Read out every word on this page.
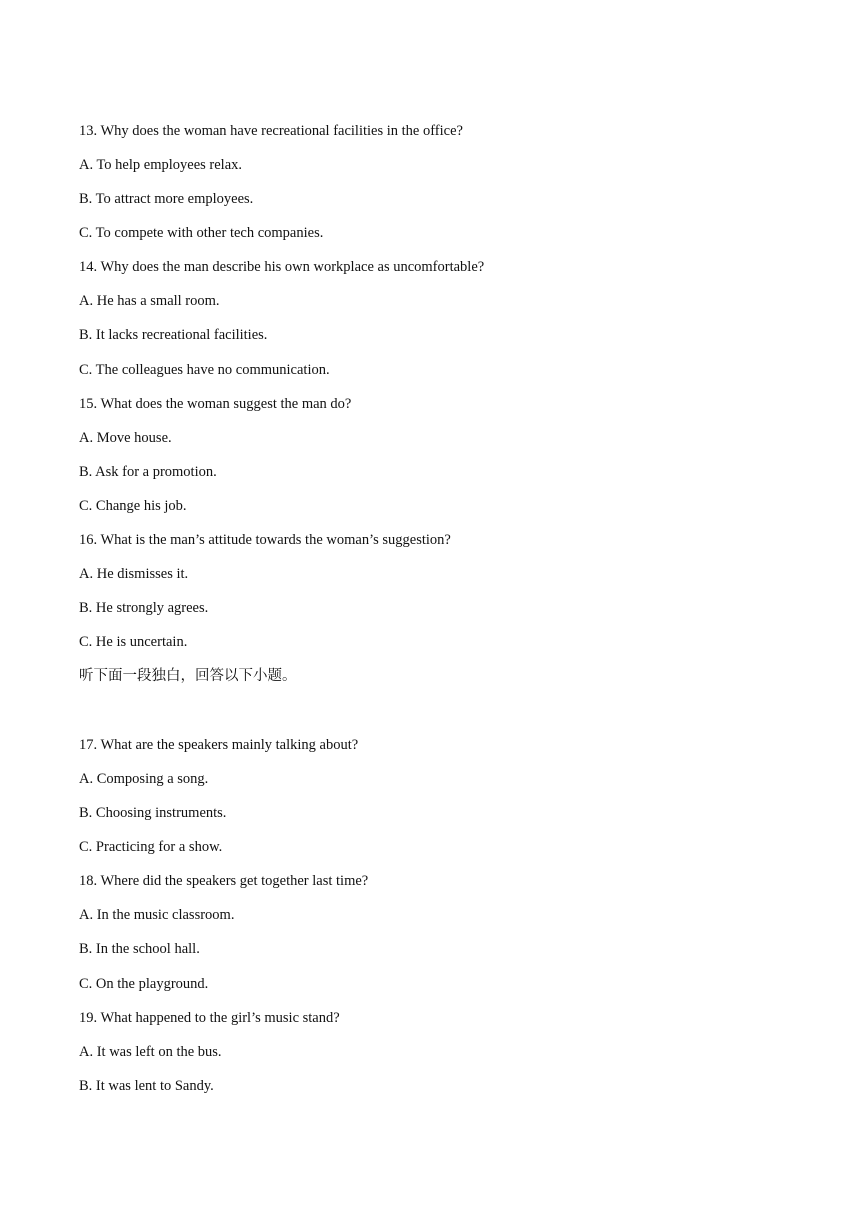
13. Why does the woman have recreational facilities in the office?
A. To help employees relax.
B. To attract more employees.
C. To compete with other tech companies.
14. Why does the man describe his own workplace as uncomfortable?
A. He has a small room.
B. It lacks recreational facilities.
C. The colleagues have no communication.
15. What does the woman suggest the man do?
A. Move house.
B. Ask for a promotion.
C. Change his job.
16. What is the man’s attitude towards the woman’s suggestion?
A. He dismisses it.
B. He strongly agrees.
C. He is uncertain.
听下面一段独白，回答以下小题。
17. What are the speakers mainly talking about?
A. Composing a song.
B. Choosing instruments.
C. Practicing for a show.
18. Where did the speakers get together last time?
A. In the music classroom.
B. In the school hall.
C. On the playground.
19. What happened to the girl’s music stand?
A. It was left on the bus.
B. It was lent to Sandy.
